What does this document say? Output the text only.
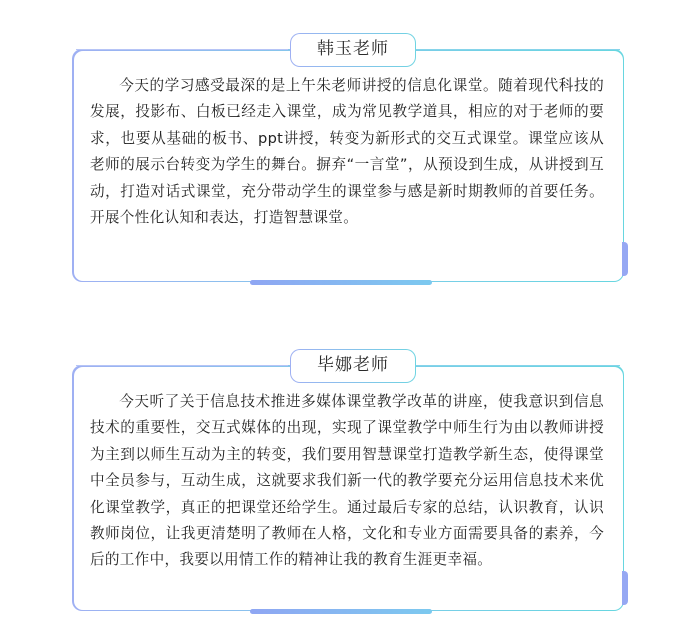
韩玉老师

今天的学习感受最深的是上午朱老师讲授的信息化课堂。随着现代科技的发展，投影布、白板已经走入课堂，成为常见教学道具，相应的对于老师的要求，也要从基础的板书、ppt讲授，转变为新形式的交互式课堂。课堂应该从老师的展示台转变为学生的舞台。摒弃“一言堂”，从预设到生成，从讲授到互动，打造对话式课堂，充分带动学生的课堂参与感是新时期教师的首要任务。开展个性化认知和表达，打造智慧课堂。

毕娜老师

今天听了关于信息技术推进多媒体课堂教学改革的讲座，使我意识到信息技术的重要性，交互式媒体的出现，实现了课堂教学中师生行为由以教师讲授为主到以师生互动为主的转变，我们要用智慧课堂打造教学新生态，使得课堂中全员参与，互动生成，这就要求我们新一代的教学要充分运用信息技术来优化课堂教学，真正的把课堂还给学生。通过最后专家的总结，认识教育，认识教师岗位，让我更清楚明了教师在人格，文化和专业方面需要具备的素养，今后的工作中，我要以用情工作的精神让我的教育生涯更幸福。
